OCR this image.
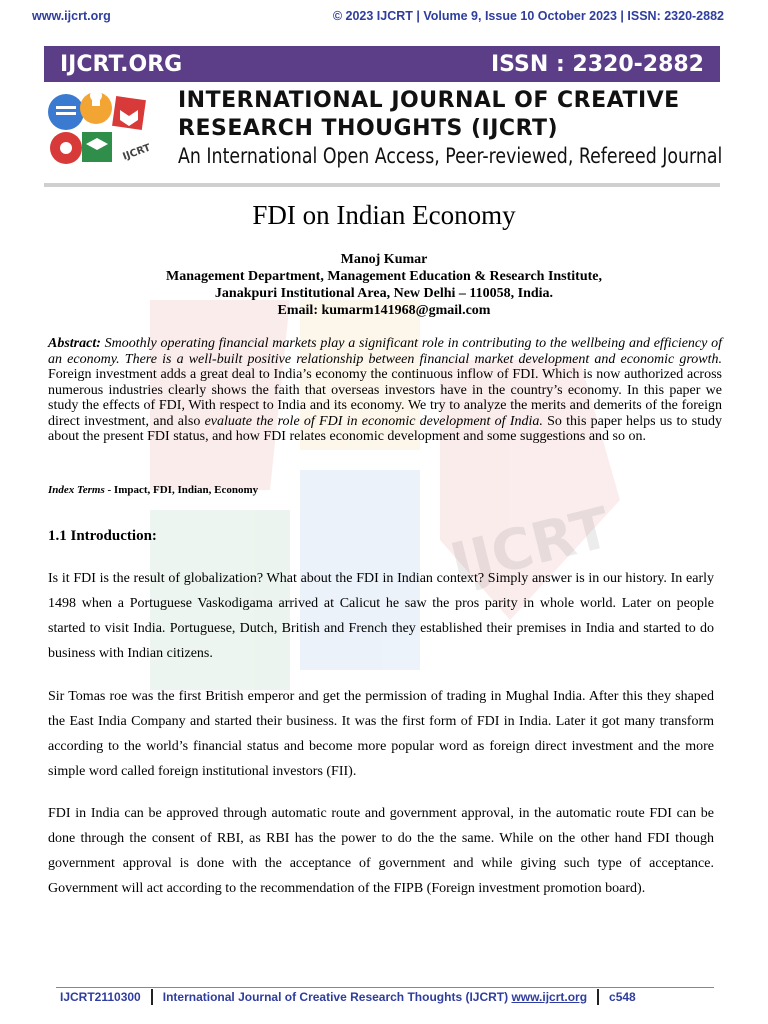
IJCRT
www.ijcrt.org	© 2023 IJCRT | Volume 9, Issue 10 October 2023 | ISSN: 2320-2882
IJCRT.ORG	ISSN : 2320-2882
IJCRT
INTERNATIONAL JOURNAL OF CREATIVE
RESEARCH THOUGHTS (IJCRT)
An International Open Access, Peer-reviewed, Refereed Journal
FDI on Indian Economy
Manoj Kumar
Management Department, Management Education & Research Institute,
Janakpuri Institutional Area, New Delhi – 110058, India.
Email: kumarm141968@gmail.com
Abstract: Smoothly operating financial markets play a significant role in contributing to the wellbeing and efficiency of an economy. There is a well-built positive relationship between financial market development and economic growth. Foreign investment adds a great deal to India’s economy the continuous inflow of FDI. Which is now authorized across numerous industries clearly shows the faith that overseas investors have in the country’s economy. In this paper we study the effects of FDI, With respect to India and its economy. We try to analyze the merits and demerits of the foreign direct investment, and also evaluate the role of FDI in economic development of India. So this paper helps us to study about the present FDI status, and how FDI relates economic development and some suggestions and so on.
Index Terms - Impact, FDI, Indian, Economy
1.1 Introduction:
Is it FDI is the result of globalization? What about the FDI in Indian context? Simply answer is in our history. In early 1498 when a Portuguese Vaskodigama arrived at Calicut he saw the pros parity in whole world. Later on people started to visit India. Portuguese, Dutch, British and French they established their premises in India and started to do business with Indian citizens.
Sir Tomas roe was the first British emperor and get the permission of trading in Mughal India. After this they shaped the East India Company and started their business. It was the first form of FDI in India. Later it got many transform according to the world’s financial status and become more popular word as foreign direct investment and the more simple word called foreign institutional investors (FII).
FDI in India can be approved through automatic route and government approval, in the automatic route FDI can be done through the consent of RBI, as RBI has the power to do the the same. While on the other hand FDI though government approval is done with the acceptance of government and while giving such type of acceptance. Government will act according to the recommendation of the FIPB (Foreign investment promotion board).
IJCRT2110300 International Journal of Creative Research Thoughts (IJCRT)
www.ijcrt.org c548
